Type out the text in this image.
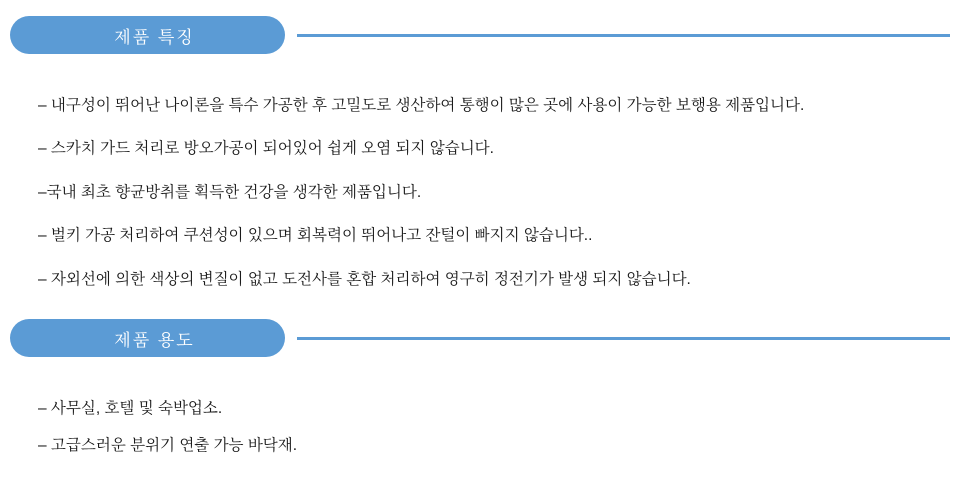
제품 특징
– 내구성이 뛰어난 나이론을 특수 가공한 후 고밀도로 생산하여 통행이 많은 곳에 사용이 가능한 보행용 제품입니다.
– 스카치 가드 처리로 방오가공이 되어있어 쉽게 오염 되지 않습니다.
–국내 최초 향균방취를 획득한 건강을 생각한 제품입니다.
– 벌키 가공 처리하여 쿠션성이 있으며 회복력이 뛰어나고 잔털이 빠지지 않습니다..
– 자외선에 의한 색상의 변질이 없고 도전사를 혼합 처리하여 영구히 정전기가 발생 되지 않습니다.
제품 용도
– 사무실, 호텔 및 숙박업소.
– 고급스러운 분위기 연출 가능 바닥재.
